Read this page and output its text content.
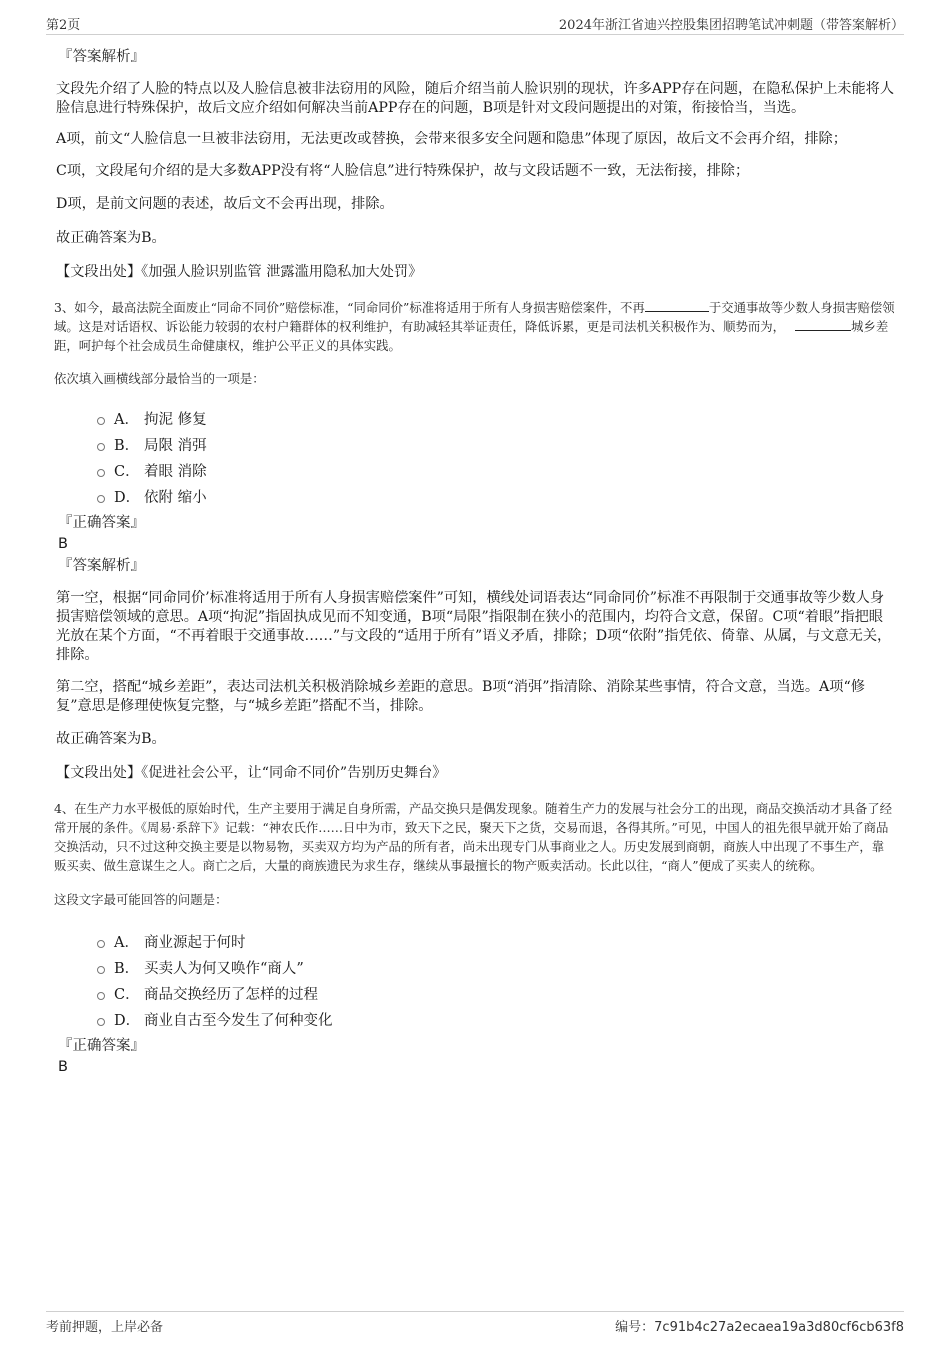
第2页	2024年浙江省迪兴控股集团招聘笔试冲刺题（带答案解析）
『答案解析』

文段先介绍了人脸的特点以及人脸信息被非法窃用的风险，随后介绍当前人脸识别的现状，许多APP存在问题，在隐私保护上未能将人脸信息进行特殊保护，故后文应介绍如何解决当前APP存在的问题，B项是针对文段问题提出的对策，衔接恰当，当选。

A项，前文“人脸信息一旦被非法窃用，无法更改或替换，会带来很多安全问题和隐患”体现了原因，故后文不会再介绍，排除；

C项，文段尾句介绍的是大多数APP没有将“人脸信息”进行特殊保护，故与文段话题不一致，无法衔接，排除；

D项，是前文问题的表述，故后文不会再出现，排除。

故正确答案为B。

【文段出处】《加强人脸识别监管 泄露滥用隐私加大处罚》

3、如今，最高法院全面废止“同命不同价”赔偿标准，“同命同价”标准将适用于所有人身损害赔偿案件，不再	于交通事故等少数人身损害赔偿领域。这是对话语权、诉讼能力较弱的农村户籍群体的权利维护，有助减轻其举证责任，降低诉累，更是司法机关积极作为、顺势而为，	城乡差距，呵护每个社会成员生命健康权，维护公平正义的具体实践。

依次填入画横线部分最恰当的一项是：

A． 拘泥 修复
B． 局限 消弭
C． 着眼 消除
D． 依附 缩小
『正确答案』
B
『答案解析』

第一空，根据“同命同价’标准将适用于所有人身损害赔偿案件”可知，横线处词语表达“同命同价”标准不再限制于交通事故等少数人身损害赔偿领域的意思。A项“拘泥”指固执成见而不知变通，B项“局限”指限制在狭小的范围内，均符合文意，保留。C项“着眼”指把眼光放在某个方面，“不再着眼于交通事故……”与文段的“适用于所有”语义矛盾，排除；D项“依附”指凭依、倚靠、从属，与文意无关，排除。

第二空，搭配“城乡差距”，表达司法机关积极消除城乡差距的意思。B项“消弭”指清除、消除某些事情，符合文意，当选。A项“修复”意思是修理使恢复完整，与“城乡差距”搭配不当，排除。

故正确答案为B。

【文段出处】《促进社会公平，让“同命不同价”告别历史舞台》

4、在生产力水平极低的原始时代，生产主要用于满足自身所需，产品交换只是偶发现象。随着生产力的发展与社会分工的出现，商品交换活动才具备了经常开展的条件。《周易·系辞下》记载：“神农氏作……日中为市，致天下之民，聚天下之货，交易而退，各得其所。”可见，中国人的祖先很早就开始了商品交换活动，只不过这种交换主要是以物易物，买卖双方均为产品的所有者，尚未出现专门从事商业之人。历史发展到商朝，商族人中出现了不事生产，靠贩买卖、做生意谋生之人。商亡之后，大量的商族遗民为求生存，继续从事最擅长的物产贩卖活动。长此以往，“商人”便成了买卖人的统称。

这段文字最可能回答的问题是：

A． 商业源起于何时
B． 买卖人为何又唤作“商人”
C． 商品交换经历了怎样的过程
D． 商业自古至今发生了何种变化
『正确答案』
B
考前押题，上岸必备	编号：7c91b4c27a2ecaea19a3d80cf6cb63f8
